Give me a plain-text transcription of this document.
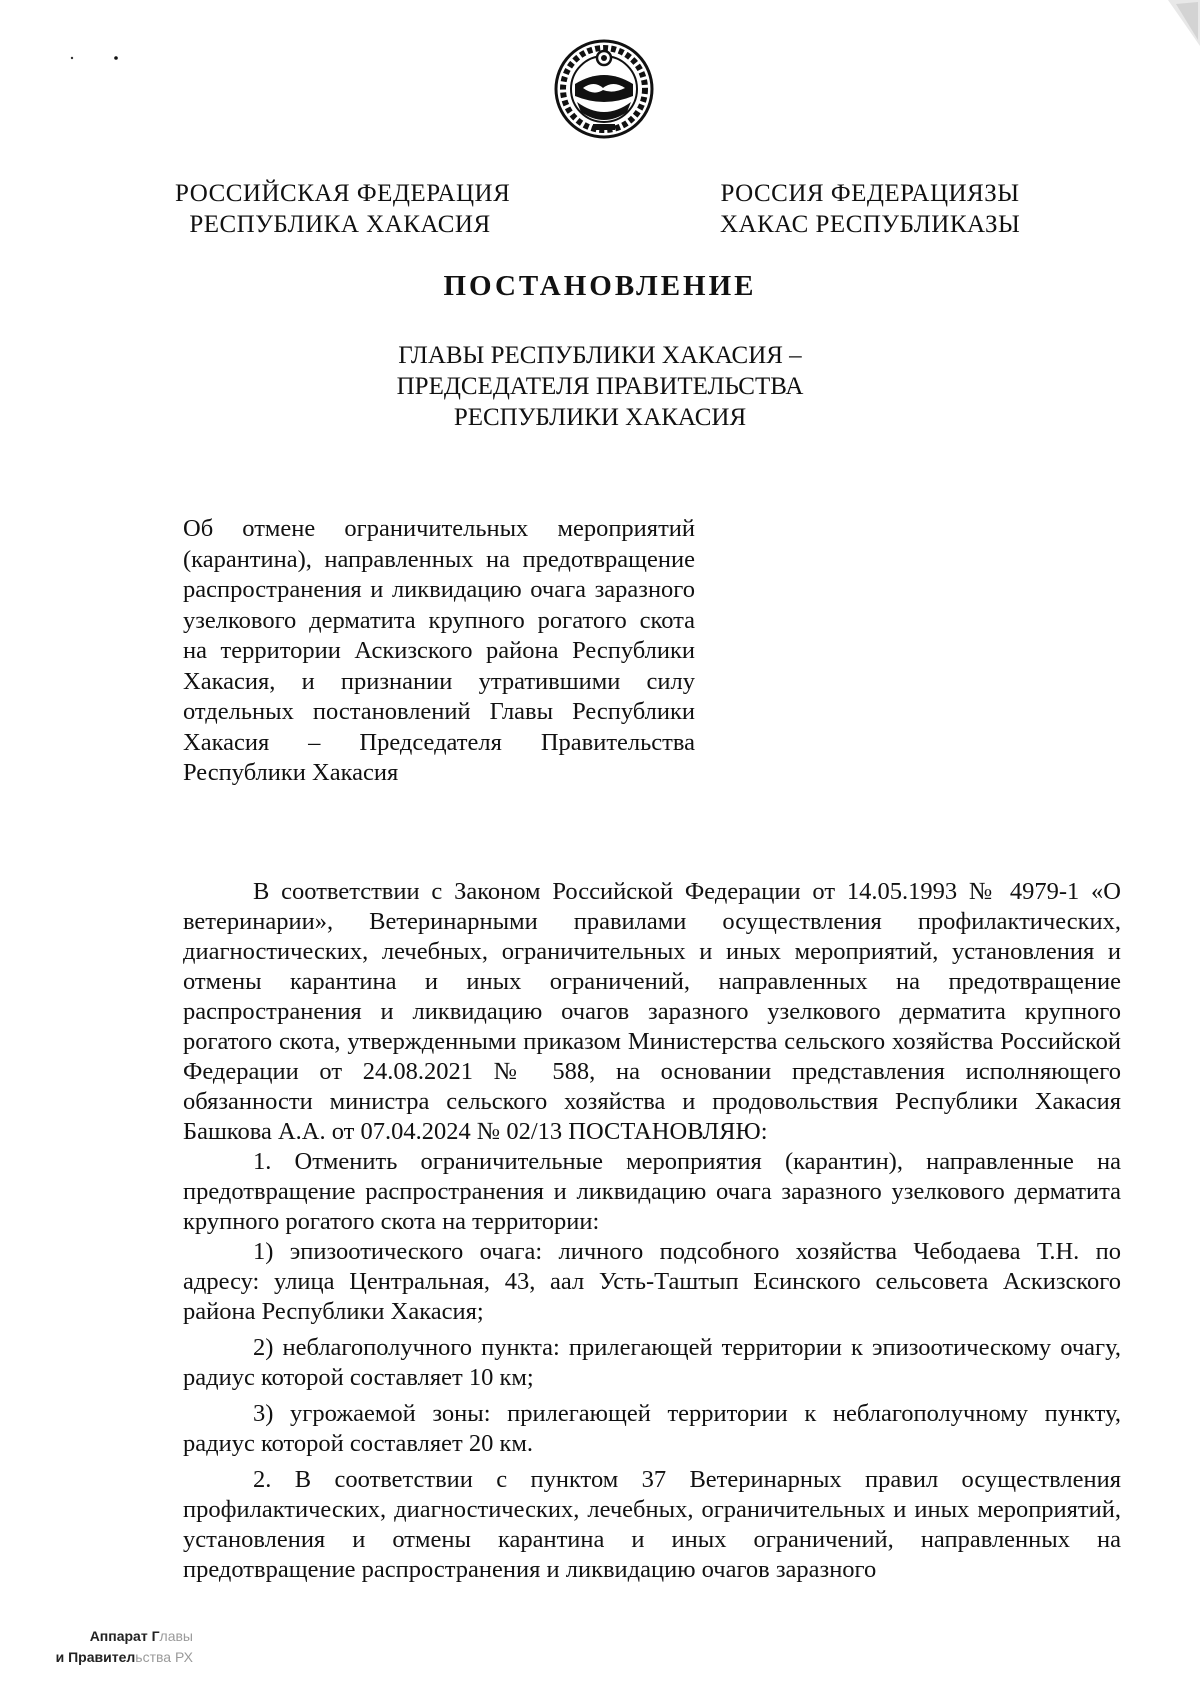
РОССИЙСКАЯ ФЕДЕРАЦИЯ
РЕСПУБЛИКА ХАКАСИЯ
РОССИЯ ФЕДЕРАЦИЯЗЫ
ХАКАС РЕСПУБЛИКАЗЫ
ПОСТАНОВЛЕНИЕ
ГЛАВЫ РЕСПУБЛИКИ ХАКАСИЯ –
ПРЕДСЕДАТЕЛЯ ПРАВИТЕЛЬСТВА
РЕСПУБЛИКИ ХАКАСИЯ
Об отмене ограничительных мероприятий (карантина), направленных на предотвращение распространения и ликвидацию очага заразного узелкового дерматита крупного рогатого скота на территории Аскизского района Республики Хакасия, и признании утратившими силу отдельных постановлений Главы Республики Хакасия – Председателя Правительства Республики Хакасия

В соответствии с Законом Российской Федерации от 14.05.1993 № 4979-1 «О ветеринарии», Ветеринарными правилами осуществления профилактических, диагностических, лечебных, ограничительных и иных мероприятий, установления и отмены карантина и иных ограничений, направленных на предотвращение распространения и ликвидацию очагов заразного узелкового дерматита крупного рогатого скота, утвержденными приказом Министерства сельского хозяйства Российской Федерации от 24.08.2021 № 588, на основании представления исполняющего обязанности министра сельского хозяйства и продовольствия Республики Хакасия Башкова А.А. от 07.04.2024 № 02/13 ПОСТАНОВЛЯЮ:

1. Отменить ограничительные мероприятия (карантин), направленные на предотвращение распространения и ликвидацию очага заразного узелкового дерматита крупного рогатого скота на территории:

1) эпизоотического очага: личного подсобного хозяйства Чебодаева Т.Н. по адресу: улица Центральная, 43, аал Усть-Таштып Есинского сельсовета Аскизского района Республики Хакасия;

2) неблагополучного пункта: прилегающей территории к эпизоотическому очагу, радиус которой составляет 10 км;

3) угрожаемой зоны: прилегающей территории к неблагополучному пункту, радиус которой составляет 20 км.

2. В соответствии с пунктом 37 Ветеринарных правил осуществления профилактических, диагностических, лечебных, ограничительных и иных мероприятий, установления и отмены карантина и иных ограничений, направленных на предотвращение распространения и ликвидацию очагов заразного

Аппарат Главы
и Правительства РХ
